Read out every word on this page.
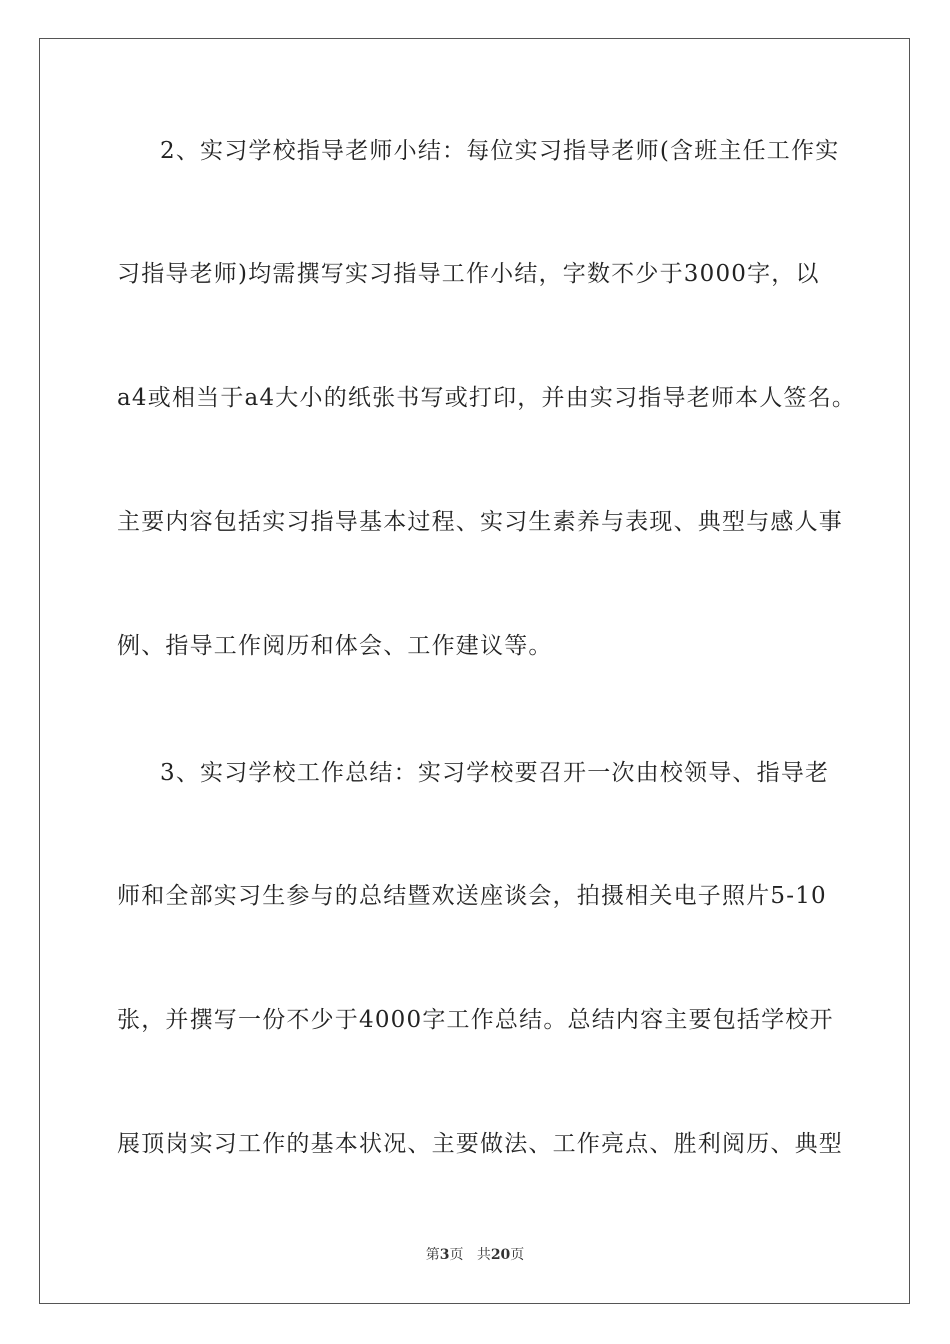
2、实习学校指导老师小结：每位实习指导老师(含班主任工作实
习指导老师)均需撰写实习指导工作小结，字数不少于3000字，以
a4或相当于a4大小的纸张书写或打印，并由实习指导老师本人签名。
主要内容包括实习指导基本过程、实习生素养与表现、典型与感人事
例、指导工作阅历和体会、工作建议等。
3、实习学校工作总结：实习学校要召开一次由校领导、指导老
师和全部实习生参与的总结暨欢送座谈会，拍摄相关电子照片5-10
张，并撰写一份不少于4000字工作总结。总结内容主要包括学校开
展顶岗实习工作的基本状况、主要做法、工作亮点、胜利阅历、典型
第3页 共20页
